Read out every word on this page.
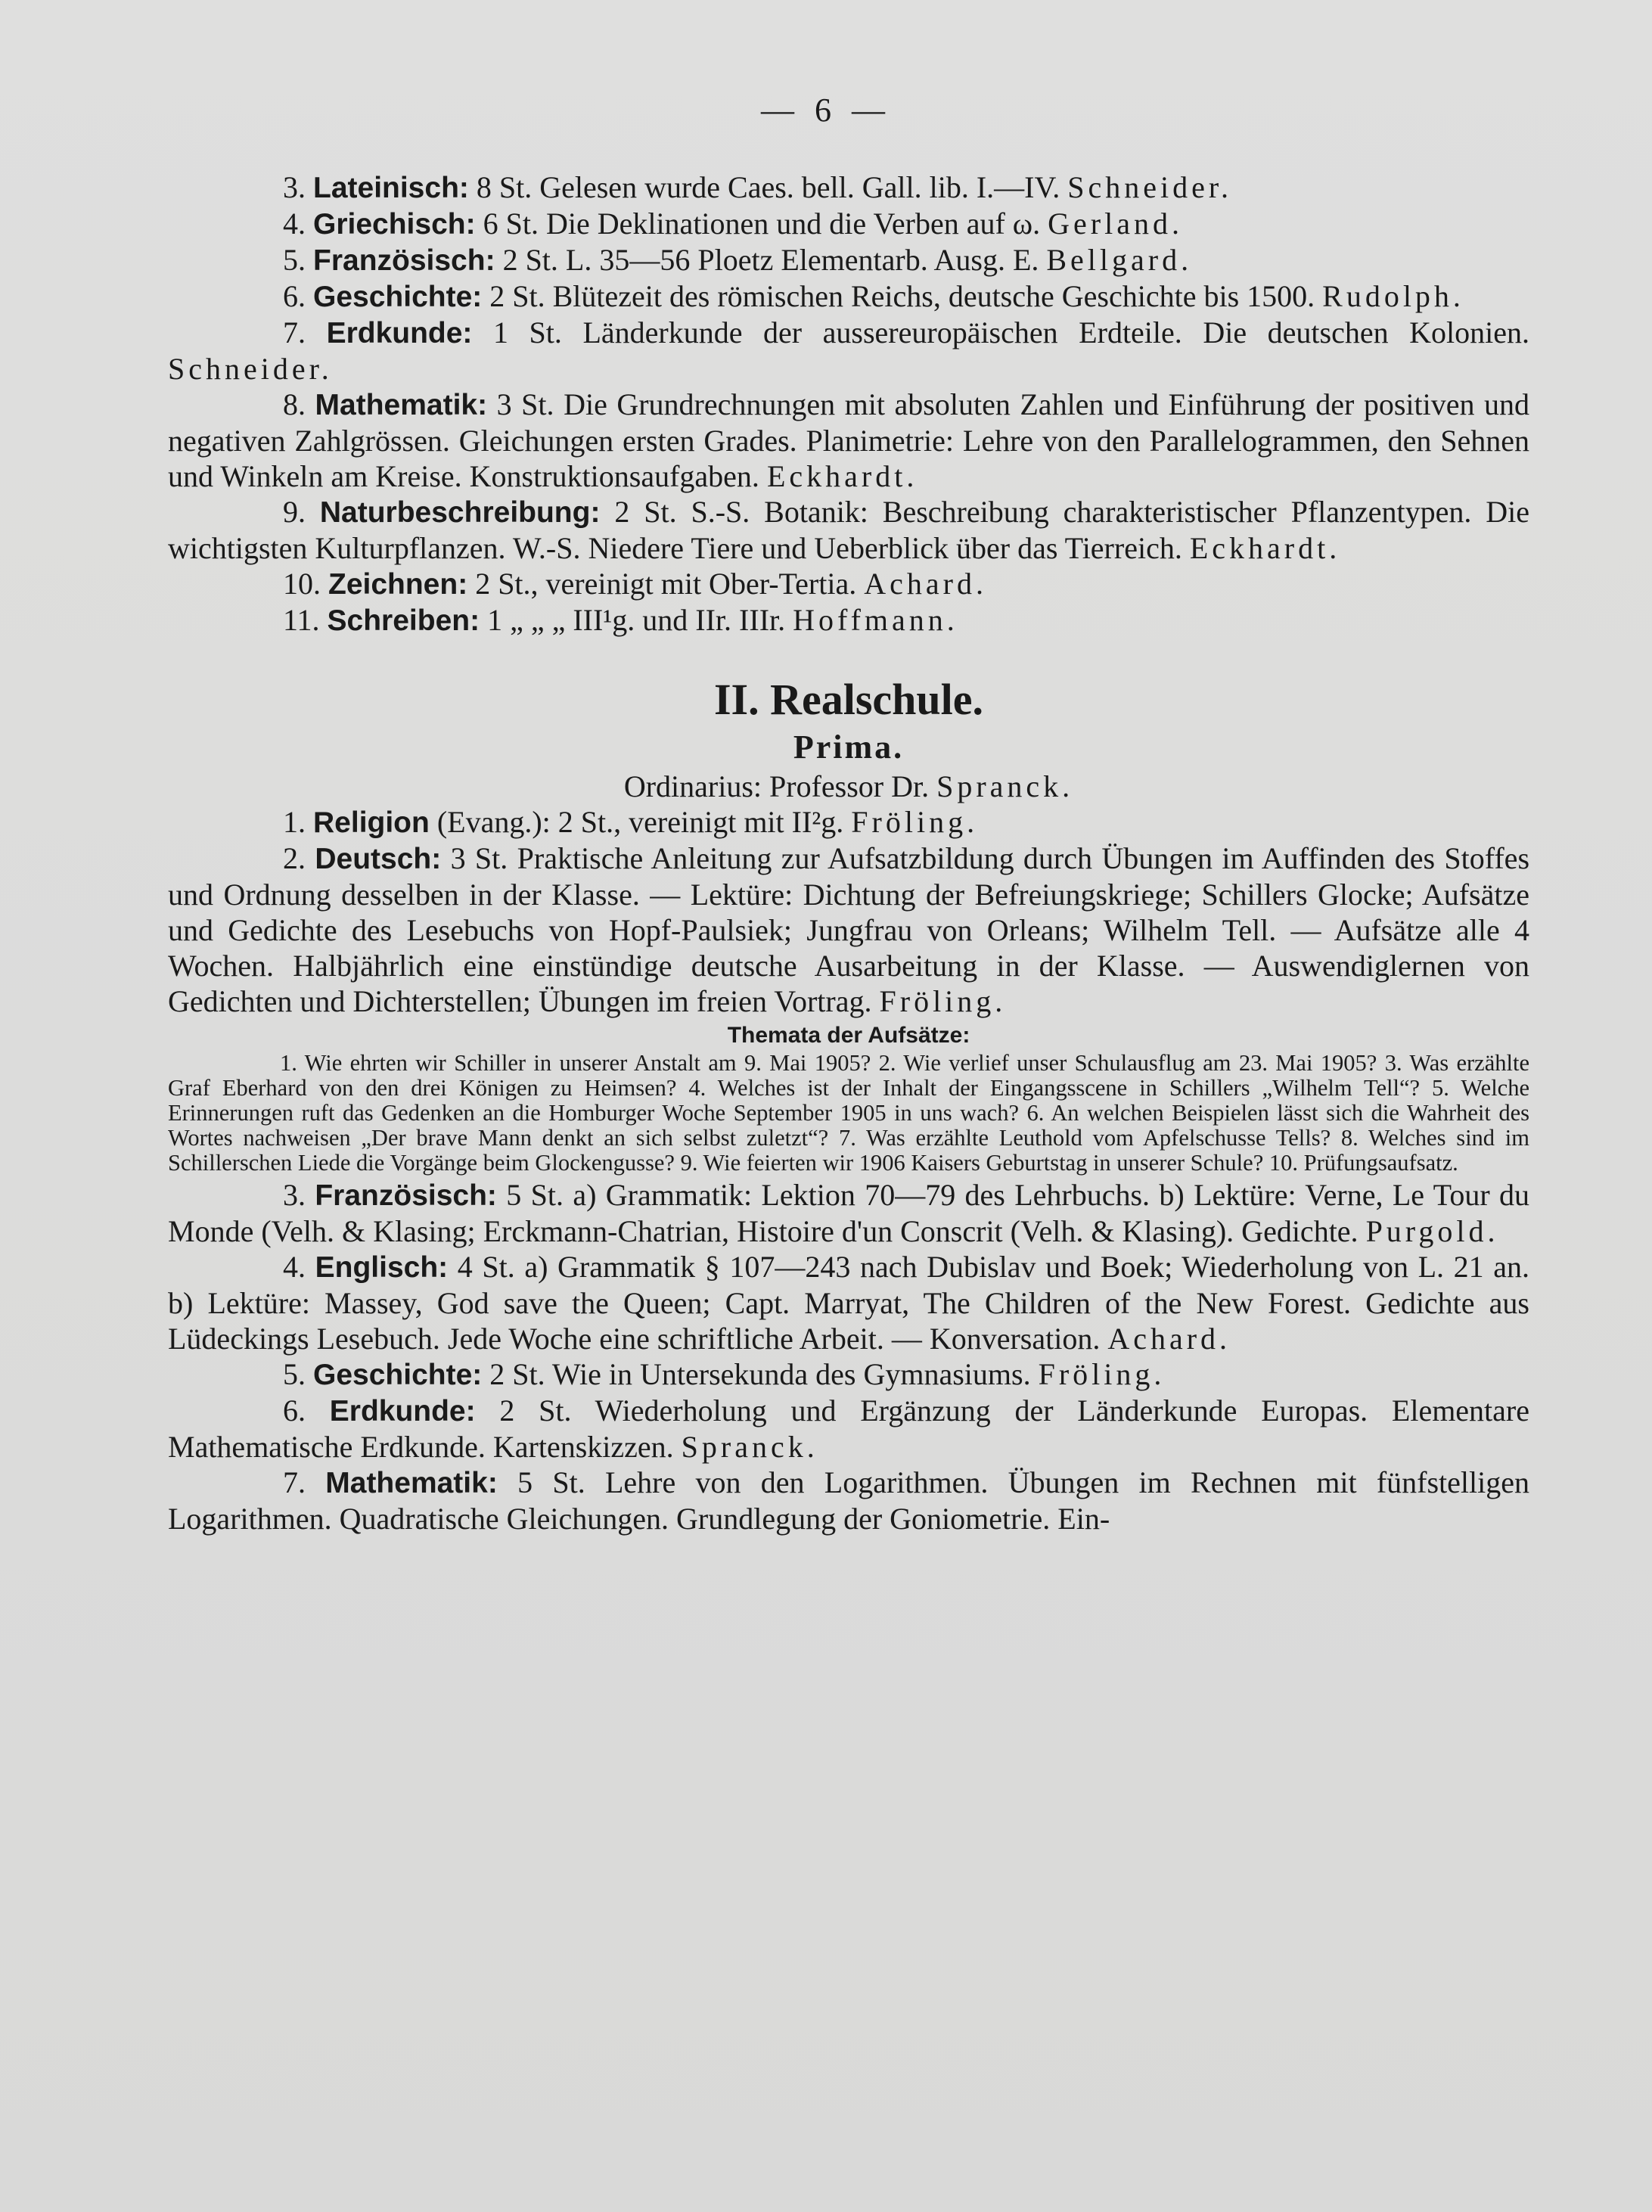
— 6 —

3. Lateinisch: 8 St. Gelesen wurde Caes. bell. Gall. lib. I.—IV. Schneider.

4. Griechisch: 6 St. Die Deklinationen und die Verben auf ω. Gerland.

5. Französisch: 2 St. L. 35—56 Ploetz Elementarb. Ausg. E. Bellgard.

6. Geschichte: 2 St. Blütezeit des römischen Reichs, deutsche Geschichte bis 1500. Rudolph.

7. Erdkunde: 1 St. Länderkunde der aussereuropäischen Erdteile. Die deutschen Kolonien. Schneider.

8. Mathematik: 3 St. Die Grundrechnungen mit absoluten Zahlen und Einführung der positiven und negativen Zahlgrössen. Gleichungen ersten Grades. Planimetrie: Lehre von den Parallelogrammen, den Sehnen und Winkeln am Kreise. Konstruktionsaufgaben. Eckhardt.

9. Naturbeschreibung: 2 St. S.-S. Botanik: Beschreibung charakteristischer Pflanzentypen. Die wichtigsten Kulturpflanzen. W.-S. Niedere Tiere und Ueberblick über das Tierreich. Eckhardt.

10. Zeichnen: 2 St., vereinigt mit Ober-Tertia. Achard.

11. Schreiben: 1 „ „ „ III¹g. und IIr. IIIr. Hoffmann.

II. Realschule.
Prima.

Ordinarius: Professor Dr. Spranck.

1. Religion (Evang.): 2 St., vereinigt mit II²g. Fröling.

2. Deutsch: 3 St. Praktische Anleitung zur Aufsatzbildung durch Übungen im Auffinden des Stoffes und Ordnung desselben in der Klasse. — Lektüre: Dichtung der Befreiungskriege; Schillers Glocke; Aufsätze und Gedichte des Lesebuchs von Hopf-Paulsiek; Jungfrau von Orleans; Wilhelm Tell. — Aufsätze alle 4 Wochen. Halbjährlich eine einstündige deutsche Ausarbeitung in der Klasse. — Auswendiglernen von Gedichten und Dichterstellen; Übungen im freien Vortrag. Fröling.

Themata der Aufsätze:

1. Wie ehrten wir Schiller in unserer Anstalt am 9. Mai 1905? 2. Wie verlief unser Schulausflug am 23. Mai 1905? 3. Was erzählte Graf Eberhard von den drei Königen zu Heimsen? 4. Welches ist der Inhalt der Eingangsscene in Schillers „Wilhelm Tell“? 5. Welche Erinnerungen ruft das Gedenken an die Homburger Woche September 1905 in uns wach? 6. An welchen Beispielen lässt sich die Wahrheit des Wortes nachweisen „Der brave Mann denkt an sich selbst zuletzt“? 7. Was erzählte Leuthold vom Apfelschusse Tells? 8. Welches sind im Schillerschen Liede die Vorgänge beim Glockengusse? 9. Wie feierten wir 1906 Kaisers Geburtstag in unserer Schule? 10. Prüfungsaufsatz.

3. Französisch: 5 St. a) Grammatik: Lektion 70—79 des Lehrbuchs. b) Lektüre: Verne, Le Tour du Monde (Velh. & Klasing; Erckmann-Chatrian, Histoire d'un Conscrit (Velh. & Klasing). Gedichte. Purgold.

4. Englisch: 4 St. a) Grammatik § 107—243 nach Dubislav und Boek; Wiederholung von L. 21 an. b) Lektüre: Massey, God save the Queen; Capt. Marryat, The Children of the New Forest. Gedichte aus Lüdeckings Lesebuch. Jede Woche eine schriftliche Arbeit. — Konversation. Achard.

5. Geschichte: 2 St. Wie in Untersekunda des Gymnasiums. Fröling.

6. Erdkunde: 2 St. Wiederholung und Ergänzung der Länderkunde Europas. Elementare Mathematische Erdkunde. Kartenskizzen. Spranck.

7. Mathematik: 5 St. Lehre von den Logarithmen. Übungen im Rechnen mit fünfstelligen Logarithmen. Quadratische Gleichungen. Grundlegung der Goniometrie. Ein-
